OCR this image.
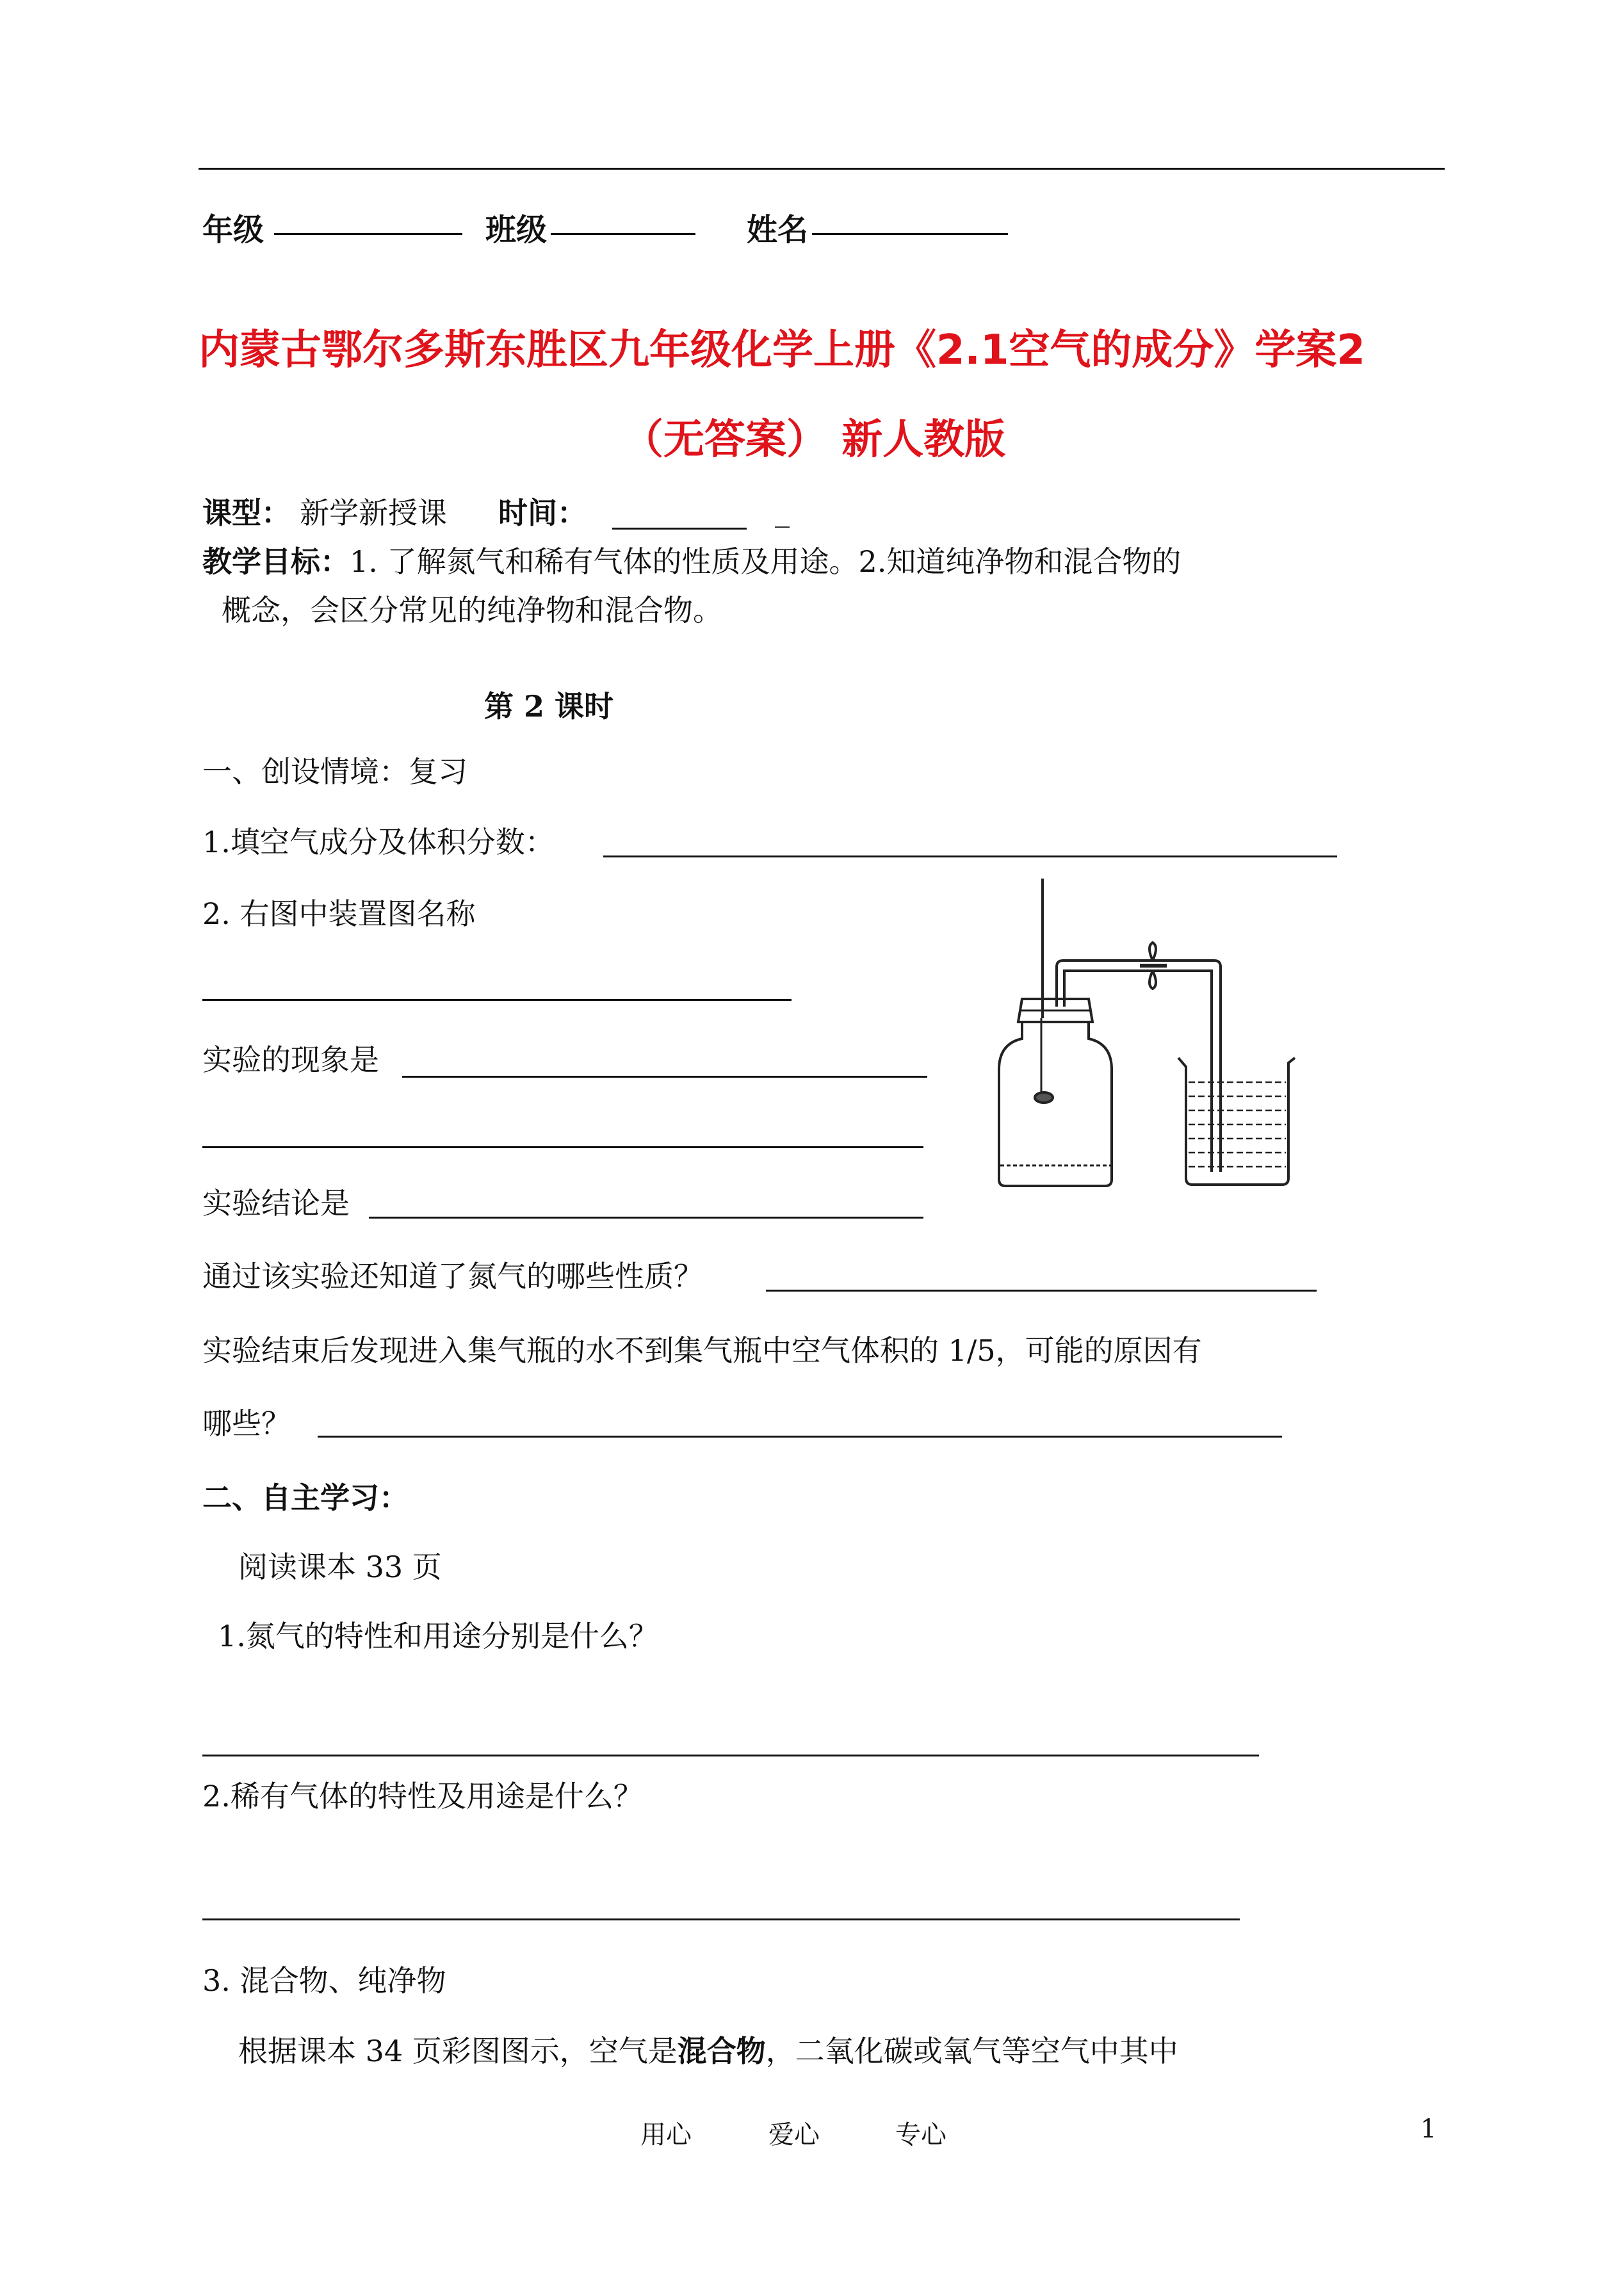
年级	班级	姓名
内蒙古鄂尔多斯东胜区九年级化学上册《2.1空气的成分》学案2
（无答案） 新人教版
课型： 新学新授课 时间：	_
教学目标： 1. 了解氮气和稀有气体的性质及用途。2.知道纯净物和混合物的
概念，会区分常见的纯净物和混合物。
第 2 课时
一、创设情境：复习
1.填空气成分及体积分数：
2. 右图中装置图名称
实验的现象是
实验结论是
通过该实验还知道了氮气的哪些性质？
实验结束后发现进入集气瓶的水不到集气瓶中空气体积的 1/5，可能的原因有
哪些？
二、自主学习：
阅读课本 33 页
1.氮气的特性和用途分别是什么？
2.稀有气体的特性及用途是什么？
3. 混合物、纯净物
根据课本 34 页彩图图示，空气是混合物，二氧化碳或氧气等空气中其中
用心	爱心	专心	1
